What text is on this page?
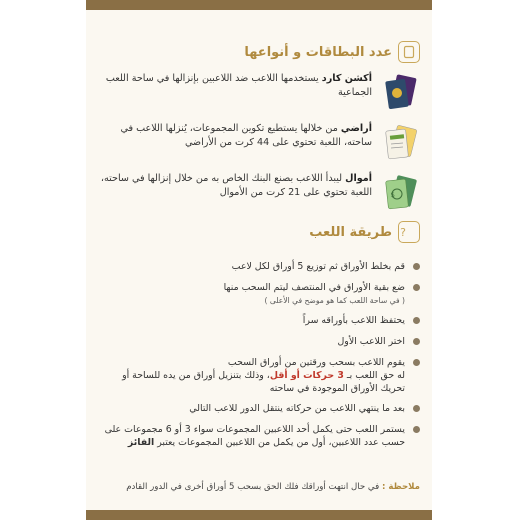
عدد البطاقات و أنواعها
أكشن كارد يستخدمها اللاعب ضد اللاعبين بإنزالها في ساحة اللعب الجماعية
أراضي من خلالها يستطيع تكوين المجموعات، يُنزلها اللاعب في ساحته، اللعبة تحتوي على 44 كرت من الأراضي
$
أموال ليبدأ اللاعب بصنع البنك الخاص به من خلال إنزالها في ساحته، اللعبة تحتوي على 21 كرت من الأموال
?
طريقة اللعب
قم بخلط الأوراق ثم توزيع 5 أوراق لكل لاعب
ضع بقية الأوراق في المنتصف ليتم السحب منها
( في ساحة اللعب كما هو موضح في الأعلى )
يحتفظ اللاعب بأوراقه سراً
اختر اللاعب الأول
يقوم اللاعب بسحب ورقتين من أوراق السحب
له حق اللعب بـ 3 حركات أو أقل، وذلك بتنزيل أوراق من يده للساحة أو تحريك الأوراق الموجودة في ساحته
بعد ما ينتهي اللاعب من حركاته ينتقل الدور للاعب التالي
يستمر اللعب حتى يكمل أحد اللاعبين المجموعات سواء 3 أو 6 مجموعات على حسب عدد اللاعبين، أول من يكمل من اللاعبين المجموعات يعتبر الفائز
ملاحظة : في حال انتهت أوراقك فلك الحق بسحب 5 أوراق أخرى في الدور القادم
